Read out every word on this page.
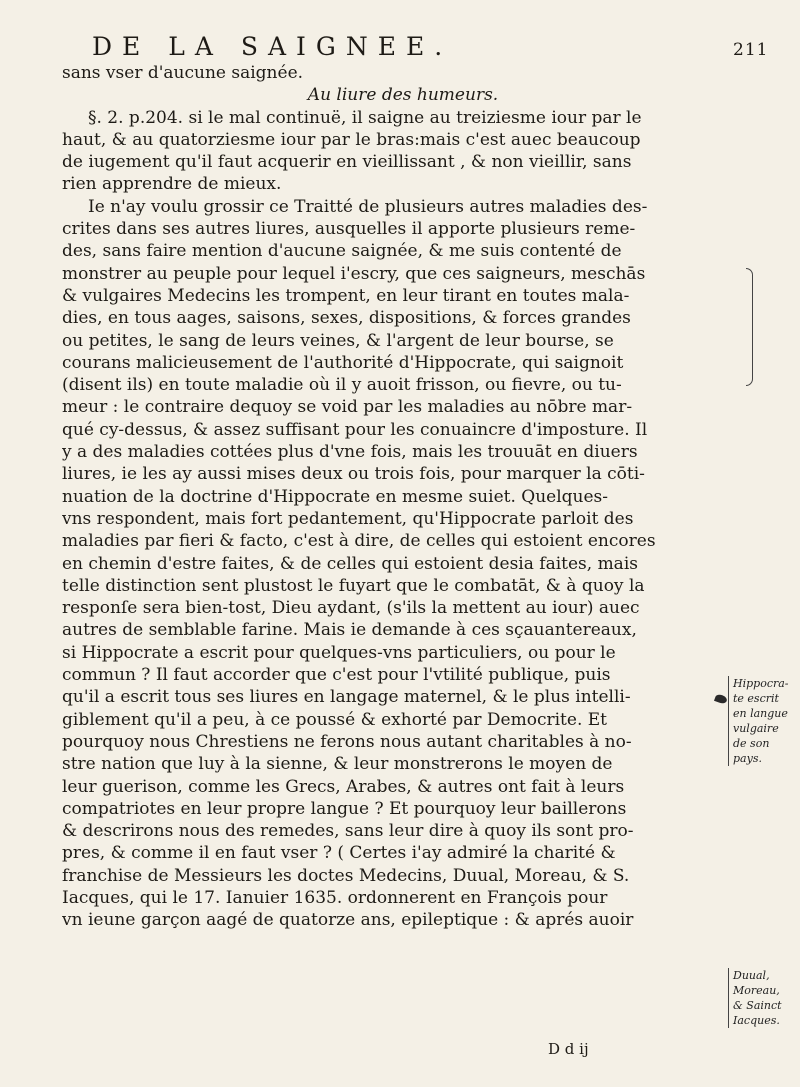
DE LA SAIGNEE.	211
sans vser d'aucune saignée.
Au liure des humeurs.
§. 2. p.204. si le mal continuë, il saigne au treiziesme iour par le
haut, & au quatorziesme iour par le bras:mais c'est auec beaucoup
de iugement qu'il faut acquerir en vieillissant , & non vieillir, sans
rien apprendre de mieux.
Ie n'ay voulu grossir ce Traitté de plusieurs autres maladies des-
crites dans ses autres liures, ausquelles il apporte plusieurs reme-
des, sans faire mention d'aucune saignée, & me suis contenté de
monstrer au peuple pour lequel i'escry, que ces saigneurs, meschās
& vulgaires Medecins les trompent, en leur tirant en toutes mala-
dies, en tous aages, saisons, sexes, dispositions, & forces grandes
ou petites, le sang de leurs veines, & l'argent de leur bourse, se
courans malicieusement de l'authorité d'Hippocrate, qui saignoit
(disent ils) en toute maladie où il y auoit frisson, ou fievre, ou tu-
meur : le contraire dequoy se void par les maladies au nōbre mar-
qué cy-dessus, & assez suffisant pour les conuaincre d'imposture. Il
y a des maladies cottées plus d'vne fois, mais les trouuāt en diuers
liures, ie les ay aussi mises deux ou trois fois, pour marquer la cōti-
nuation de la doctrine d'Hippocrate en mesme suiet. Quelques-
vns respondent, mais fort pedantement, qu'Hippocrate parloit des
maladies par fieri & facto, c'est à dire, de celles qui estoient encores
en chemin d'estre faites, & de celles qui estoient desia faites, mais
telle distinction sent plustost le fuyart que le combatāt, & à quoy la
responſe sera bien-tost, Dieu aydant, (s'ils la mettent au iour) auec
autres de semblable farine. Mais ie demande à ces sçauantereaux,
si Hippocrate a escrit pour quelques-vns particuliers, ou pour le
commun ? Il faut accorder que c'est pour l'vtilité publique, puis
qu'il a escrit tous ses liures en langage maternel, & le plus intelli-
giblement qu'il a peu, à ce poussé & exhorté par Democrite. Et
pourquoy nous Chrestiens ne ferons nous autant charitables à no-
stre nation que luy à la sienne, & leur monstrerons le moyen de
leur guerison, comme les Grecs, Arabes, & autres ont fait à leurs
compatriotes en leur propre langue ? Et pourquoy leur baillerons
& descrirons nous des remedes, sans leur dire à quoy ils sont pro-
pres, & comme il en faut vser ? ( Certes i'ay admiré la charité &
franchise de Messieurs les doctes Medecins, Duual, Moreau, & S.
Iacques, qui le 17. Ianuier 1635. ordonnerent en François pour
vn ieune garçon aagé de quatorze ans, epileptique : & aprés auoir
Hippocra-
te escrit
en langue
vulgaire
de son
pays.
Duual,
Moreau,
& Sainct
Iacques.
D d ij
